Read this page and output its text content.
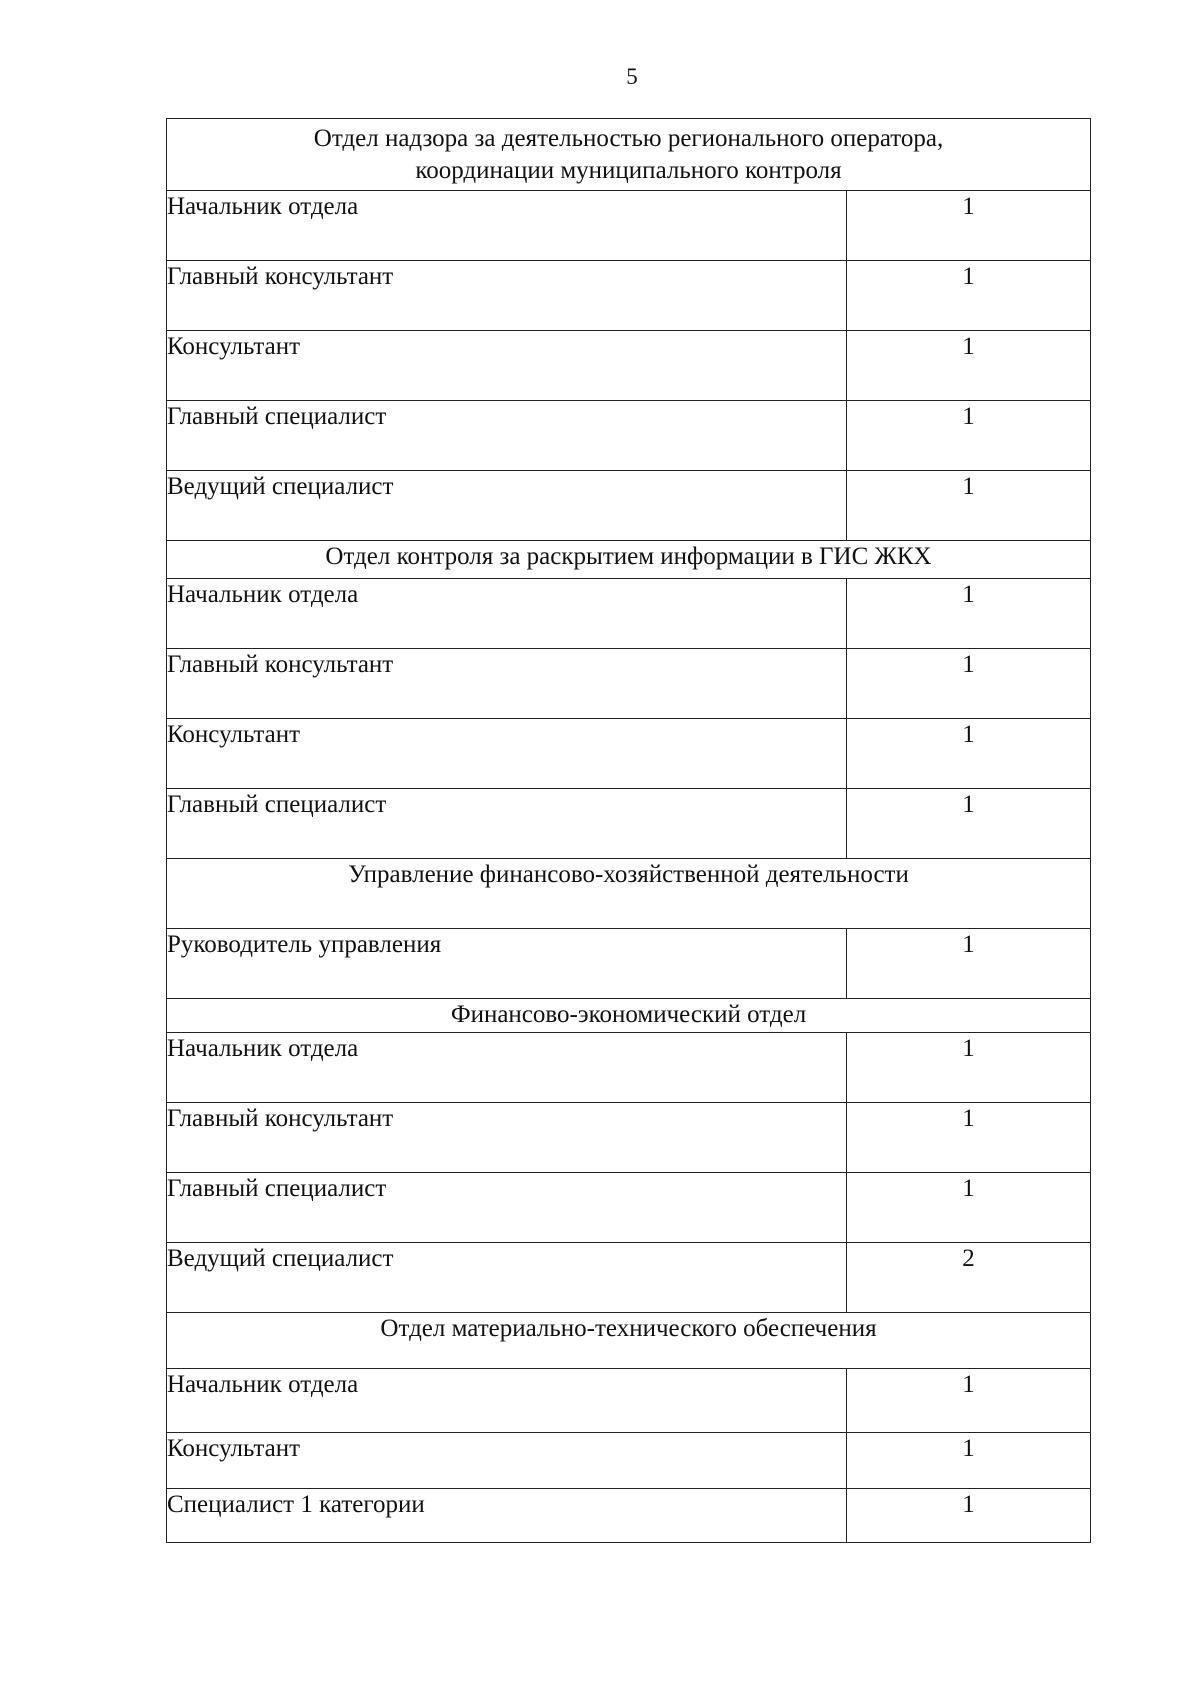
5
Отдел надзора за деятельностью регионального оператора,
координации муниципального контроля	

Начальник отдела	1
Главный консультант	1
Консультант	1
Главный специалист	1
Ведущий специалист	1

Отдел контроля за раскрытием информации в ГИС ЖКХ	

Начальник отдела	1
Главный консультант	1
Консультант	1
Главный специалист	1

Управление финансово-хозяйственной деятельности	

Руководитель управления	1

Финансово-экономический отдел	

Начальник отдела	1
Главный консультант	1
Главный специалист	1
Ведущий специалист	2

Отдел материально-технического обеспечения	

Начальник отдела	1
Консультант	1
Специалист 1 категории	1
